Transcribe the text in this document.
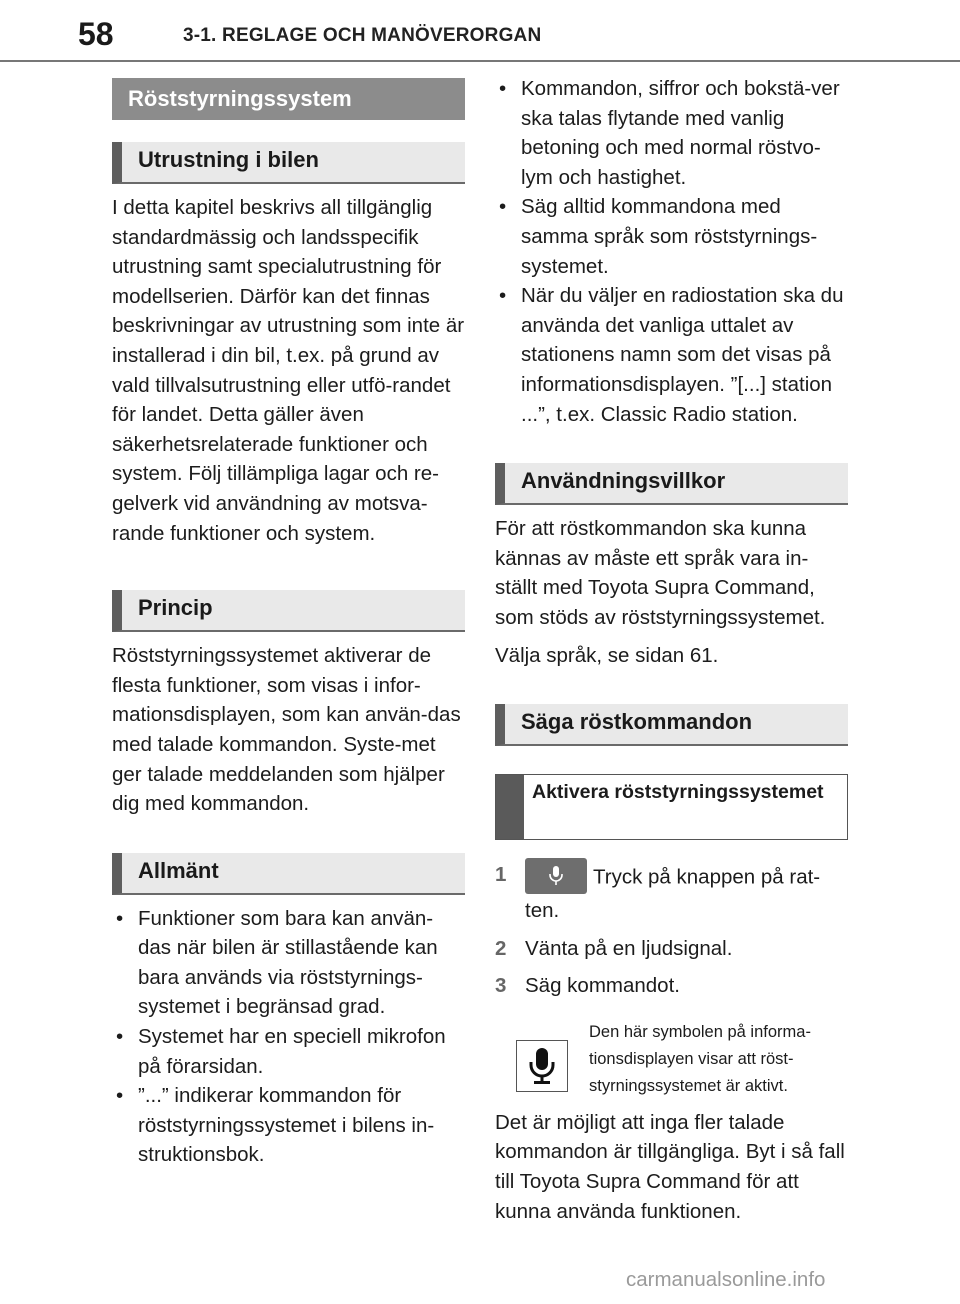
58	3-1. REGLAGE OCH MANÖVERORGAN
Röststyrningssystem
Utrustning i bilen

I detta kapitel beskrivs all tillgänglig standardmässig och landsspecifik utrustning samt specialutrustning för modellserien. Därför kan det finnas beskrivningar av utrustning som inte är installerad i din bil, t.ex. på grund av vald tillvalsutrustning eller utfö-randet för landet. Detta gäller även säkerhetsrelaterade funktioner och system. Följ tillämpliga lagar och re-gelverk vid användning av motsva-rande funktioner och system.

Princip

Röststyrningssystemet aktiverar de flesta funktioner, som visas i infor-mationsdisplayen, som kan använ-das med talade kommandon. Syste-met ger talade meddelanden som hjälper dig med kommandon.

Allmänt
• Funktioner som bara kan använ-das när bilen är stillastående kan bara används via röststyrnings-systemet i begränsad grad.
• Systemet har en speciell mikrofon på förarsidan.
• ”...” indikerar kommandon för röststyrningssystemet i bilens in-struktionsbok.
• Kommandon, siffror och bokstä-ver ska talas flytande med vanlig betoning och med normal röstvo-lym och hastighet.
• Säg alltid kommandona med samma språk som röststyrnings-systemet.
• När du väljer en radiostation ska du använda det vanliga uttalet av stationens namn som det visas på informationsdisplayen. ”[...] station ...”, t.ex. Classic Radio station.
Användningsvillkor

För att röstkommandon ska kunna kännas av måste ett språk vara in-ställt med Toyota Supra Command, som stöds av röststyrningssystemet.

Välja språk, se sidan 61.

Säga röstkommandon
Aktivera röststyrningssystemet
1	Tryck på knappen på rat-ten.
2 Vänta på en ljudsignal.
3 Säg kommandot.
Den här symbolen på informa-tionsdisplayen visar att röst-styrningssystemet är aktivt.

Det är möjligt att inga fler talade kommandon är tillgängliga. Byt i så fall till Toyota Supra Command för att kunna använda funktionen.

carmanualsonline.info
